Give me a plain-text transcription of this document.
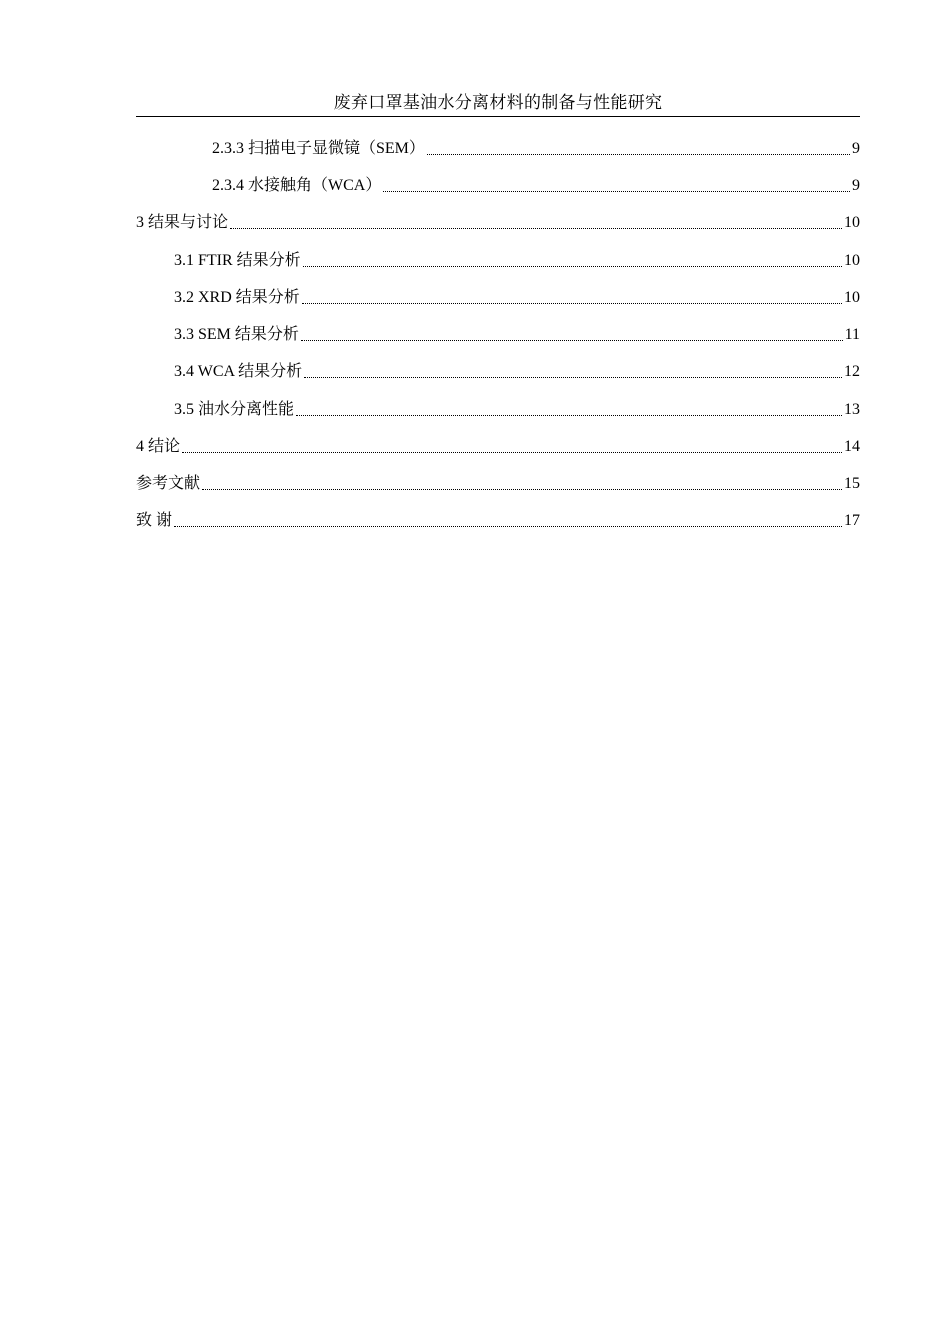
废弃口罩基油水分离材料的制备与性能研究
2.3.3 扫描电子显微镜（SEM）	9
2.3.4 水接触角（WCA）	9
3 结果与讨论	10
3.1 FTIR 结果分析	10
3.2 XRD 结果分析	10
3.3 SEM 结果分析	11
3.4 WCA 结果分析	12
3.5 油水分离性能	13
4 结论	14
参考文献	15
致 谢	17
